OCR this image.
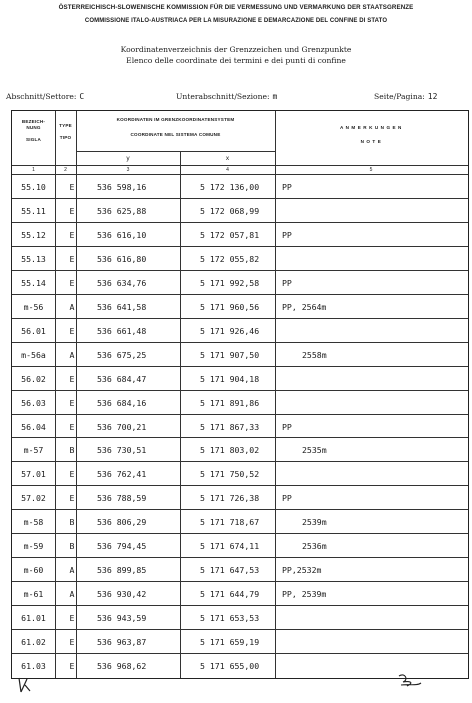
ÖSTERREICHISCH-SLOWENISCHE KOMMISSION FÜR DIE VERMESSUNG UND VERMARKUNG DER STAATSGRENZE
COMMISSIONE ITALO-AUSTRIACA PER LA MISURAZIONE E DEMARCAZIONE DEL CONFINE DI STATO
Koordinatenverzeichnis der Grenzzeichen und Grenzpunkte
Elenco delle coordinate dei termini e dei punti di confine
Abschnitt/Settore: C	Unterabschnitt/Sezione: m	Seite/Pagina: 12
BEZEICH-
NUNG
SIGLA
TYPE
TIPO
KOORDINATEN IM GRENZKOORDINATENSYSTEM
COORDINATE NEL SISTEMA COMUNE
y	x
A N M E R K U N G E N
N O T E
1	2	3	4	5
55.10	E	536 598,16	5 172 136,00	PP
55.11	E	536 625,88	5 172 068,99
55.12	E	536 616,10	5 172 057,81	PP
55.13	E	536 616,80	5 172 055,82
55.14	E	536 634,76	5 171 992,58	PP
m-56	A	536 641,58	5 171 960,56	PP, 2564m
56.01	E	536 661,48	5 171 926,46
m-56a	A	536 675,25	5 171 907,50	2558m
56.02	E	536 684,47	5 171 904,18
56.03	E	536 684,16	5 171 891,86
56.04	E	536 700,21	5 171 867,33	PP
m-57	B	536 730,51	5 171 803,02	2535m
57.01	E	536 762,41	5 171 750,52
57.02	E	536 788,59	5 171 726,38	PP
m-58	B	536 806,29	5 171 718,67	2539m
m-59	B	536 794,45	5 171 674,11	2536m
m-60	A	536 899,85	5 171 647,53	PP,2532m
m-61	A	536 930,42	5 171 644,79	PP, 2539m
61.01	E	536 943,59	5 171 653,53
61.02	E	536 963,87	5 171 659,19
61.03	E	536 968,62	5 171 655,00
